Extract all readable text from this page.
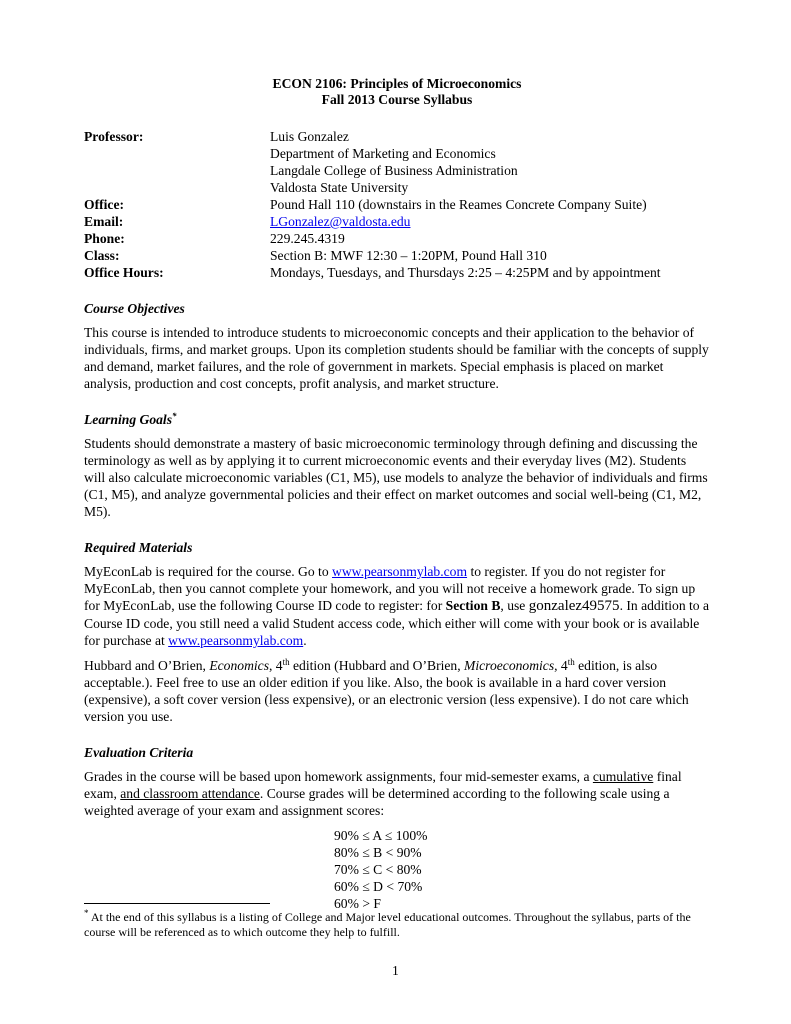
ECON 2106: Principles of Microeconomics
Fall 2013 Course Syllabus
Professor:	Luis Gonzalez
Department of Marketing and Economics
Langdale College of Business Administration
Valdosta State University
Office:	Pound Hall 110 (downstairs in the Reames Concrete Company Suite)
Email:	LGonzalez@valdosta.edu
Phone:	229.245.4319
Class:	Section B: MWF 12:30 – 1:20PM, Pound Hall 310
Office Hours:	Mondays, Tuesdays, and Thursdays 2:25 – 4:25PM and by appointment
Course Objectives

This course is intended to introduce students to microeconomic concepts and their application to the behavior of individuals, firms, and market groups. Upon its completion students should be familiar with the concepts of supply and demand, market failures, and the role of government in markets. Special emphasis is placed on market analysis, production and cost concepts, profit analysis, and market structure.

Learning Goals*

Students should demonstrate a mastery of basic microeconomic terminology through defining and discussing the terminology as well as by applying it to current microeconomic events and their everyday lives (M2). Students will also calculate microeconomic variables (C1, M5), use models to analyze the behavior of individuals and firms (C1, M5), and analyze governmental policies and their effect on market outcomes and social well-being (C1, M2, M5).

Required Materials

MyEconLab is required for the course. Go to www.pearsonmylab.com to register. If you do not register for MyEconLab, then you cannot complete your homework, and you will not receive a homework grade. To sign up for MyEconLab, use the following Course ID code to register: for Section B, use gonzalez49575. In addition to a Course ID code, you still need a valid Student access code, which either will come with your book or is available for purchase at www.pearsonmylab.com.

Hubbard and O’Brien, Economics, 4th edition (Hubbard and O’Brien, Microeconomics, 4th edition, is also acceptable.). Feel free to use an older edition if you like. Also, the book is available in a hard cover version (expensive), a soft cover version (less expensive), or an electronic version (less expensive). I do not care which version you use.

Evaluation Criteria

Grades in the course will be based upon homework assignments, four mid-semester exams, a cumulative final exam, and classroom attendance. Course grades will be determined according to the following scale using a weighted average of your exam and assignment scores:

90% ≤ A ≤ 100%
80% ≤ B < 90%
70% ≤ C < 80%
60% ≤ D < 70%
60% > F
* At the end of this syllabus is a listing of College and Major level educational outcomes. Throughout the syllabus, parts of the course will be referenced as to which outcome they help to fulfill.
1
